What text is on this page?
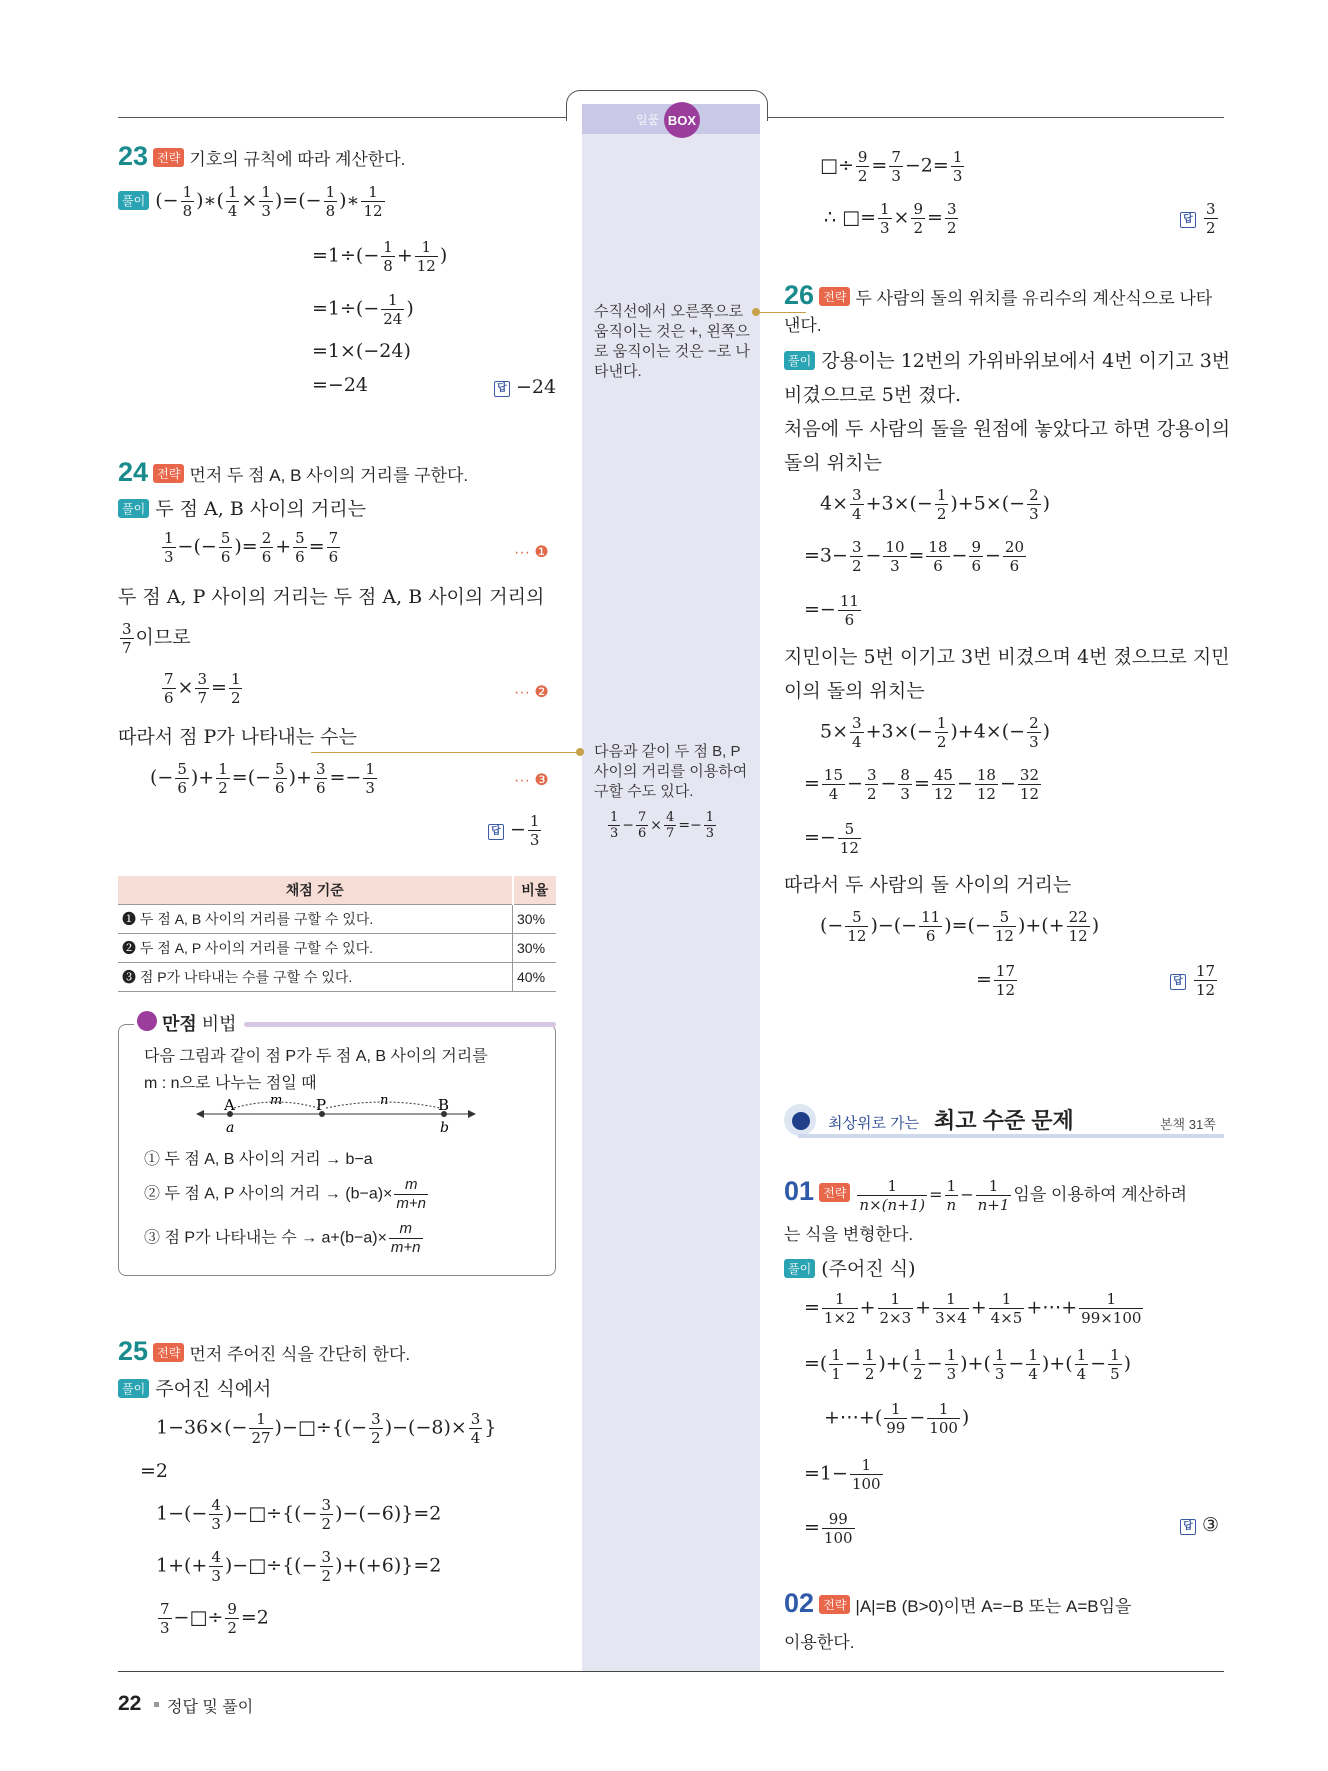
일품 BOX
23 전략 기호의 규칙에 따라 계산한다.
풀이 (− $\frac{1}{8}$ )∗( $\frac{1}{4} \times \frac{1}{3}$ )=(− $\frac{1}{8}$ )∗ $\frac{1}{12}$
$=1\div(- \frac{1}{8} + \frac{1}{12}$ )
$=1\div(- \frac{1}{24}$ )
=1×(−24)
=−24	답 −24
24 전략 먼저 두 점 A, B 사이의 거리를 구한다.
풀이 두 점 A, B 사이의 거리는
$\frac{1}{3}$ −(− $\frac{5}{6}$ )= $\frac{2}{6} + \frac{5}{6} = \frac{7}{6}$	··· ❶
두 점 A, P 사이의 거리는 두 점 A, B 사이의 거리의
$\frac{3}{7}$ 이므로
$\frac{7}{6} \times \frac{3}{7} = \frac{1}{2}$	··· ❷
따라서 점 P가 나타내는 수는
(− $\frac{5}{6}$ )+ $\frac{1}{2}$ =(− $\frac{5}{6}$ )+ $\frac{3}{6} =- \frac{1}{3}$	··· ❸
답 − $\frac{1}{3}$
채점 기준	비율
❶ 두 점 A, B 사이의 거리를 구할 수 있다.	30%
❷ 두 점 A, P 사이의 거리를 구할 수 있다.	30%
❸ 점 P가 나타내는 수를 구할 수 있다.	40%
만점 비법
다음 그림과 같이 점 P가 두 점 A, B 사이의 거리를
m : n으로 나누는 점일 때
A	P	B
m	n
a	b
① 두 점 A, B 사이의 거리 → b−a
② 두 점 A, P 사이의 거리 → $(b-a)\times \frac{m}{m+n}$
③ 점 P가 나타내는 수 → $a+(b-a)\times \frac{m}{m+n}$
25 전략 먼저 주어진 식을 간단히 한다.
풀이 주어진 식에서
$1-36\times(- \frac{1}{27}$ )−□÷{(− $\frac{3}{2} )-(-8)\times \frac{3}{4}$ }
=2
$1-(- \frac{4}{3}$ )−□÷{(− $\frac{3}{2} )-(-6)\}=2$
$1+(+ \frac{4}{3}$ )−□÷{(− $\frac{3}{2} )+(+6)\}=2$
$\frac{7}{3}$ −□÷ $\frac{9}{2} =2$
□÷ $\frac{9}{2} = \frac{7}{3} -2= \frac{1}{3}$
∴ □= $\frac{1}{3} \times \frac{9}{2} = \frac{3}{2}$	답 $\frac{3}{2}$
수직선에서 오른쪽으로 움직이는 것은 +, 왼쪽으로 움직이는 것은 −로 나타낸다.
다음과 같이 두 점 B, P 사이의 거리를 이용하여 구할 수도 있다.
$\frac{1}{3} - \frac{7}{6} \times \frac{4}{7} =- \frac{1}{3}$
26 전략 두 사람의 돌의 위치를 유리수의 계산식으로 나타낸다.
풀이 강용이는 12번의 가위바위보에서 4번 이기고 3번
비겼으므로 5번 졌다.
처음에 두 사람의 돌을 원점에 놓았다고 하면 강용이의
돌의 위치는
$4\times \frac{3}{4} +3\times(- \frac{1}{2} )+5\times(- \frac{2}{3}$ )
$=3- \frac{3}{2} - \frac{10}{3} = \frac{18}{6} - \frac{9}{6} - \frac{20}{6}$
=− $\frac{11}{6}$
지민이는 5번 이기고 3번 비겼으며 4번 졌으므로 지민
이의 돌의 위치는
$5\times \frac{3}{4} +3\times(- \frac{1}{2} )+4\times(- \frac{2}{3}$ )
= $\frac{15}{4} - \frac{3}{2} - \frac{8}{3} = \frac{45}{12} - \frac{18}{12} - \frac{32}{12}$
=− $\frac{5}{12}$
따라서 두 사람의 돌 사이의 거리는
(− $\frac{5}{12}$ )−(− $\frac{11}{6}$ )=(− $\frac{5}{12}$ )+(+ $\frac{22}{12}$ )
= $\frac{17}{12}$	답 $\frac{17}{12}$
최상위로 가는 최고 수준 문제	본책 31쪽
01 전략 $\frac{1}{n\times(n+1)} = \frac{1}{n} - \frac{1}{n+1}$ 임을 이용하여 계산하려
는 식을 변형한다.
풀이 (주어진 식)
= $\frac{1}{1\times 2} + \frac{1}{2\times 3} + \frac{1}{3\times 4} + \frac{1}{4\times 5}$ +⋯+ $\frac{1}{99\times 100}$
=( $\frac{1}{1} - \frac{1}{2}$ )+( $\frac{1}{2} - \frac{1}{3}$ )+( $\frac{1}{3} - \frac{1}{4}$ )+( $\frac{1}{4} - \frac{1}{5}$ )
+⋯+( $\frac{1}{99} - \frac{1}{100}$ )
$=1- \frac{1}{100}$
= $\frac{99}{100}$	답 ③
02 전략 |A|=B (B>0)이면 A=−B 또는 A=B임을
이용한다.
22 정답 및 풀이
